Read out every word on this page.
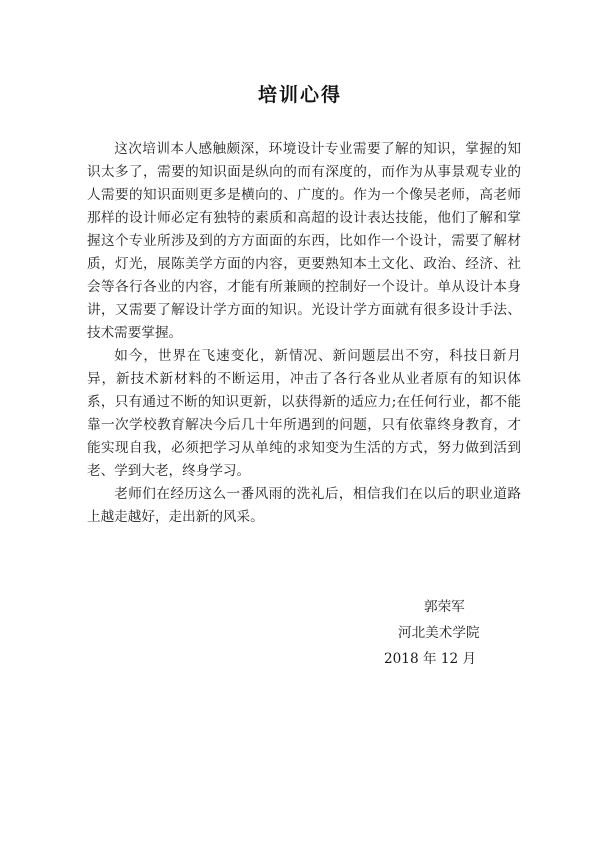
培训心得

这次培训本人感触颇深，环境设计专业需要了解的知识，掌握的知识太多了，需要的知识面是纵向的而有深度的，而作为从事景观专业的人需要的知识面则更多是横向的、广度的。作为一个像吴老师，高老师那样的设计师必定有独特的素质和高超的设计表达技能，他们了解和掌握这个专业所涉及到的方方面面的东西，比如作一个设计，需要了解材质，灯光，展陈美学方面的内容，更要熟知本土文化、政治、经济、社会等各行各业的内容，才能有所兼顾的控制好一个设计。单从设计本身讲，又需要了解设计学方面的知识。光设计学方面就有很多设计手法、技术需要掌握。

如今，世界在飞速变化，新情况、新问题层出不穷，科技日新月异，新技术新材料的不断运用，冲击了各行各业从业者原有的知识体系，只有通过不断的知识更新，以获得新的适应力;在任何行业，都不能靠一次学校教育解决今后几十年所遇到的问题，只有依靠终身教育，才能实现自我，必须把学习从单纯的求知变为生活的方式，努力做到活到老、学到大老，终身学习。

老师们在经历这么一番风雨的洗礼后，相信我们在以后的职业道路上越走越好，走出新的风采。

郭荣军
河北美术学院
2018 年 12 月
